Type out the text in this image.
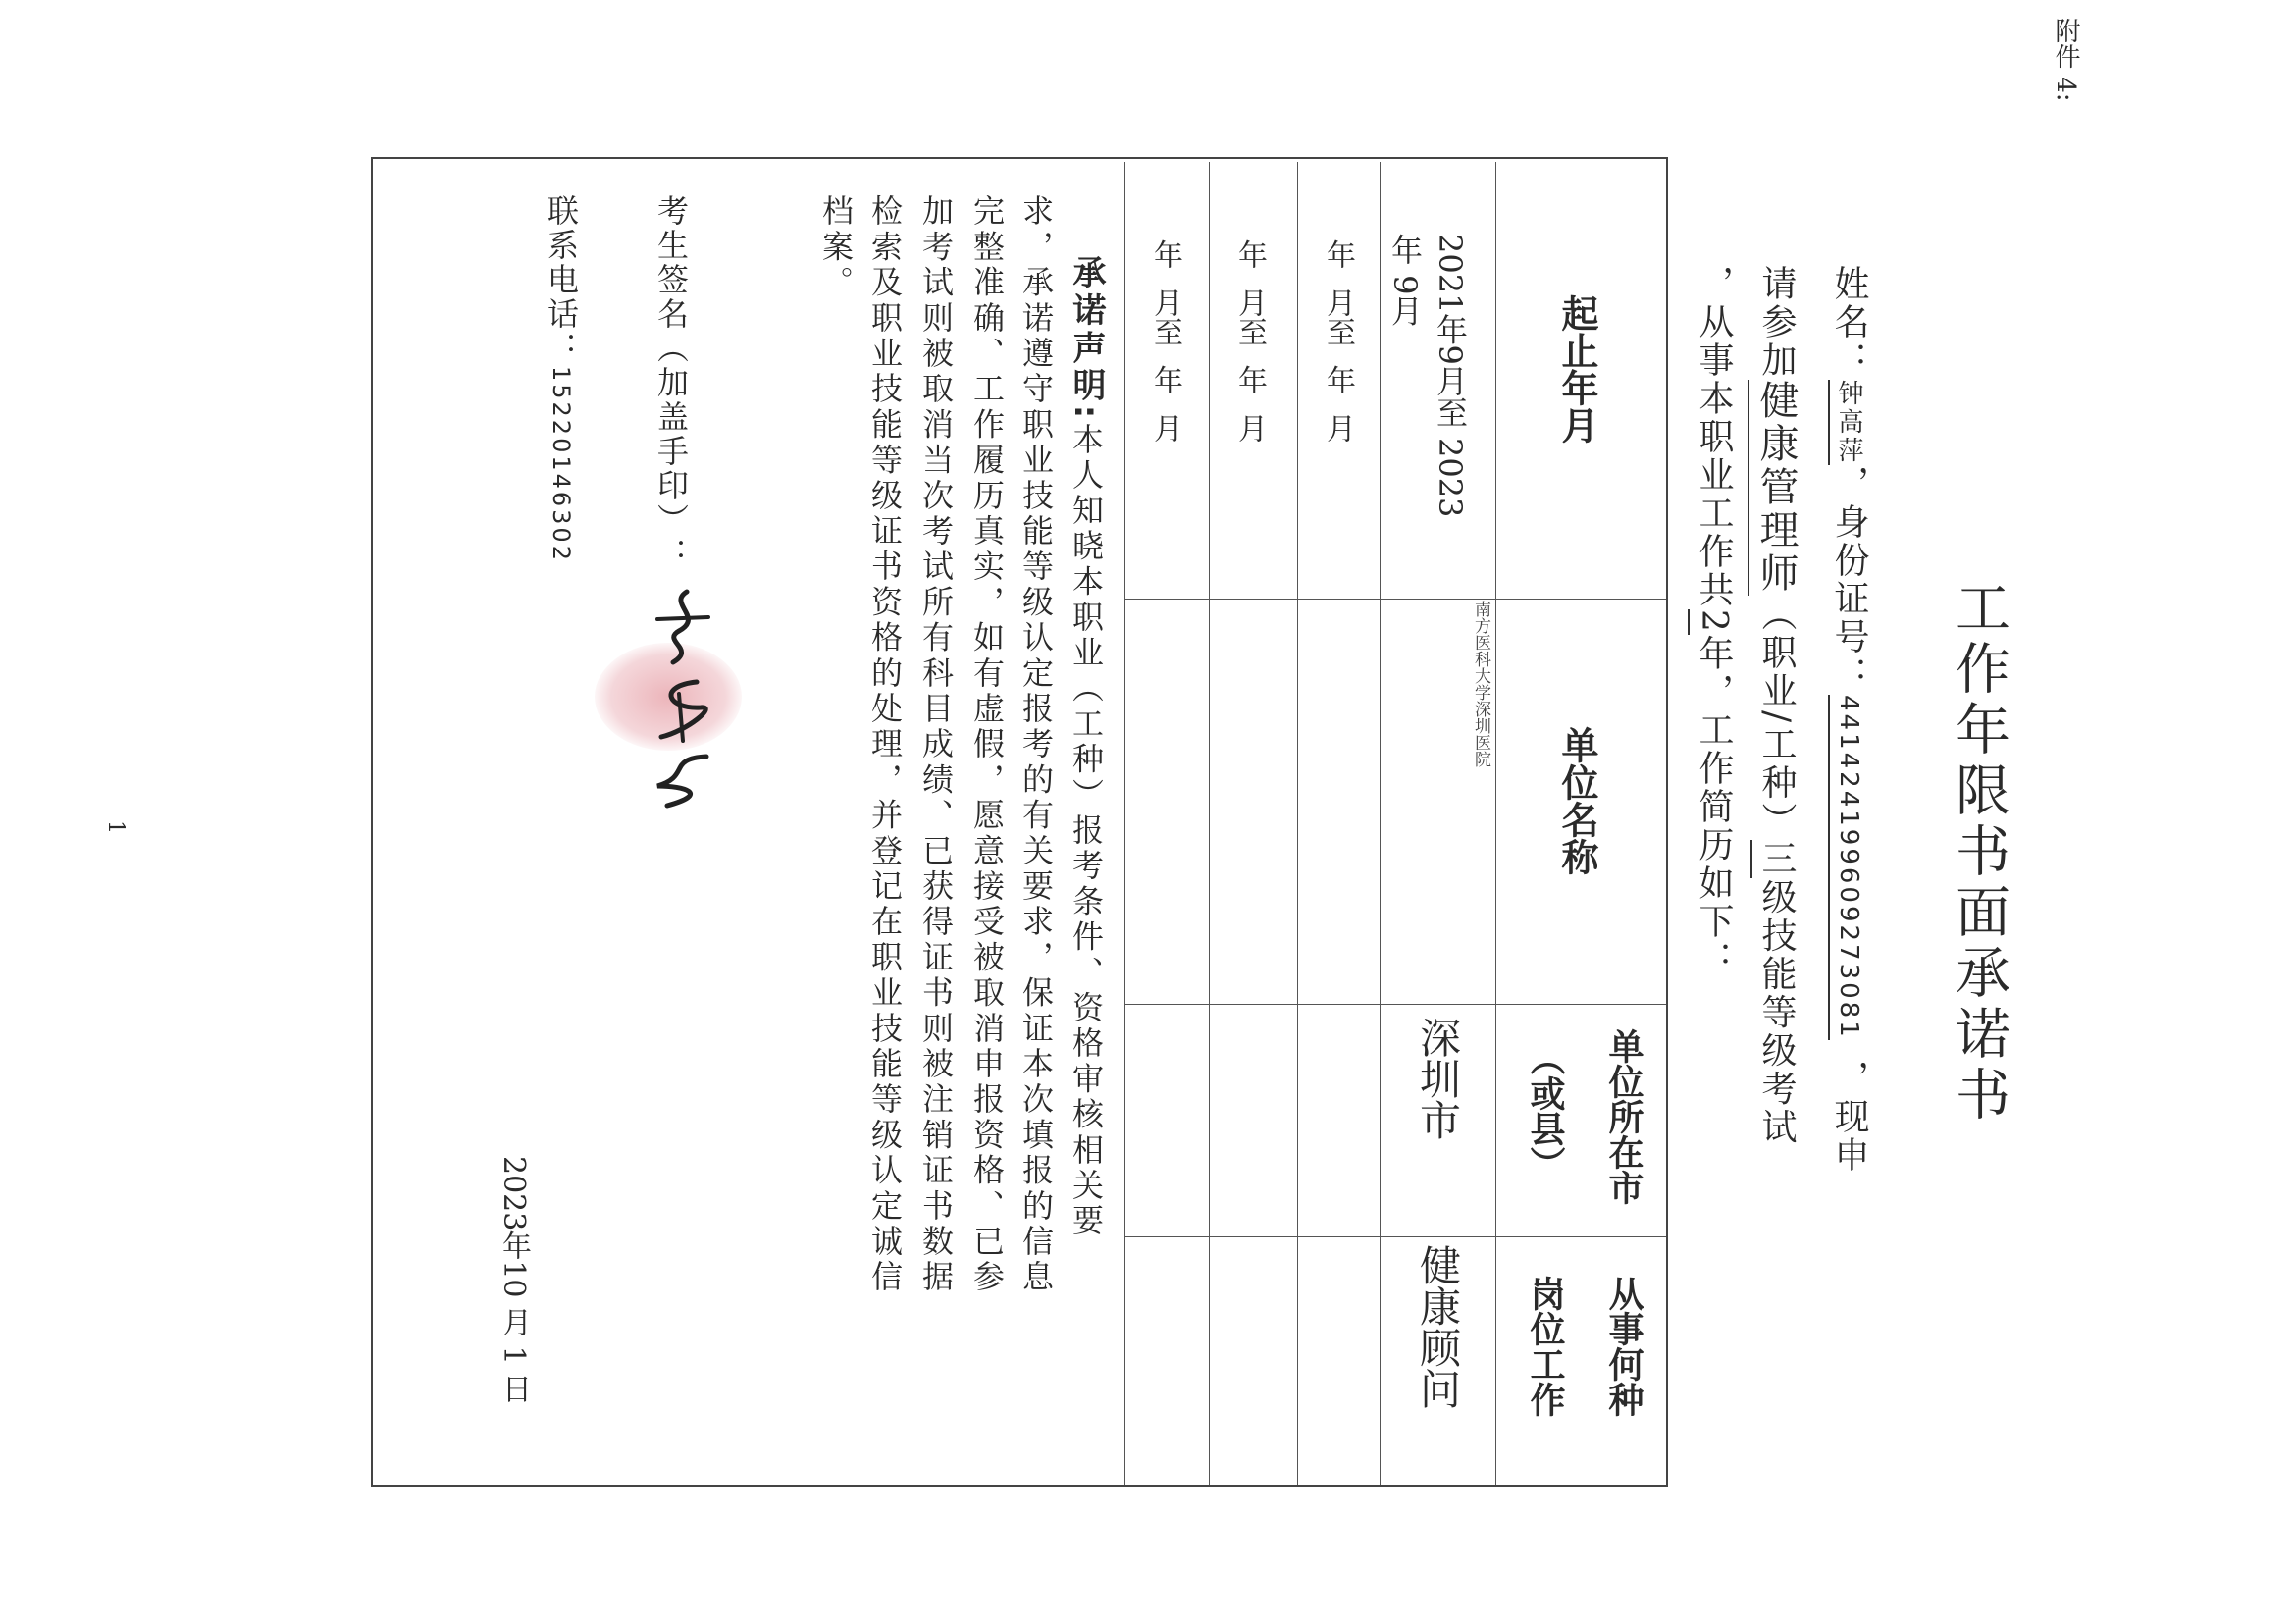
附件 4:
工作年限书面承诺书
1
姓名：钟高萍，身份证号：441424199609273081，现申
请参加健康管理师（职业/工种）三级技能等级考试
，从事本职业工作共2年，工作简历如下：
起止年月
单位名称
单位所在市
（或县）
从事何种
岗位工作
2021年9月至 2023
年 9月
南方医科大学深圳医院
深圳市
健康顾问
年  月至  年  月
年  月至  年  月
年  月至  年  月
承诺声明:本人知晓本职业（工种）报考条件、资格审核相关要
求，承诺遵守职业技能等级认定报考的有关要求，保证本次填报的信息
完整准确、工作履历真实，如有虚假，愿意接受被取消申报资格、已参
加考试则被取消当次考试所有科目成绩、已获得证书则被注销证书数据
检索及职业技能等级证书资格的处理，并登记在职业技能等级认定诚信
档案。
考生签名（加盖手印）：
联系电话：15220146302
2023年10 月 1 日
